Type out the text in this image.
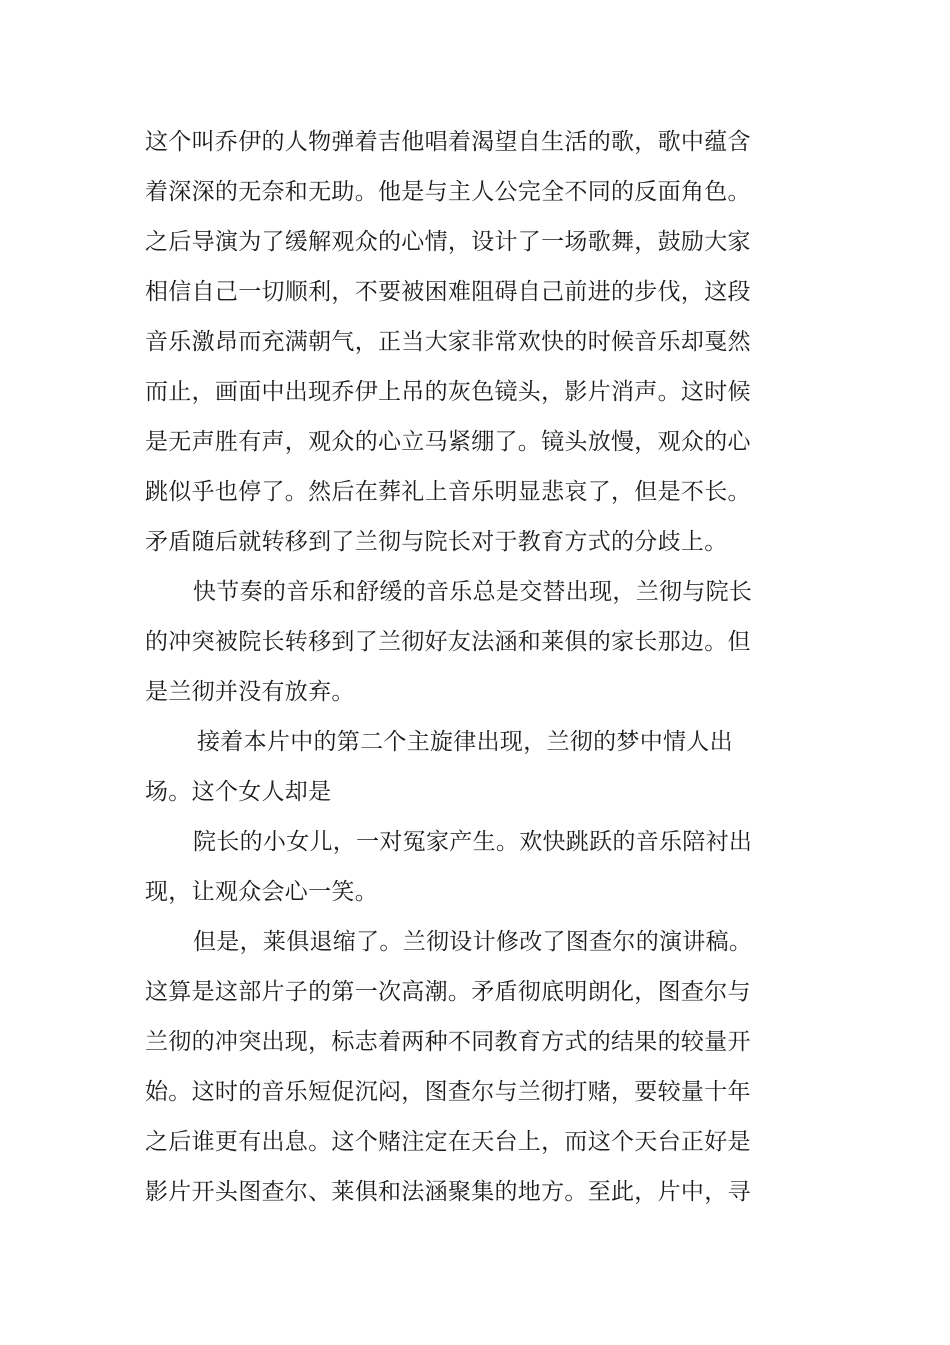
这个叫乔伊的人物弹着吉他唱着渴望自生活的歌，歌中蕴含
着深深的无奈和无助。他是与主人公完全不同的反面角色。
之后导演为了缓解观众的心情，设计了一场歌舞，鼓励大家
相信自己一切顺利，不要被困难阻碍自己前进的步伐，这段
音乐激昂而充满朝气，正当大家非常欢快的时候音乐却戛然
而止，画面中出现乔伊上吊的灰色镜头，影片消声。这时候
是无声胜有声，观众的心立马紧绷了。镜头放慢，观众的心
跳似乎也停了。然后在葬礼上音乐明显悲哀了，但是不长。
矛盾随后就转移到了兰彻与院长对于教育方式的分歧上。
快节奏的音乐和舒缓的音乐总是交替出现，兰彻与院长
的冲突被院长转移到了兰彻好友法涵和莱俱的家长那边。但
是兰彻并没有放弃。
接着本片中的第二个主旋律出现，兰彻的梦中情人出
场。这个女人却是
院长的小女儿，一对冤家产生。欢快跳跃的音乐陪衬出
现，让观众会心一笑。
但是，莱俱退缩了。兰彻设计修改了图查尔的演讲稿。
这算是这部片子的第一次高潮。矛盾彻底明朗化，图查尔与
兰彻的冲突出现，标志着两种不同教育方式的结果的较量开
始。这时的音乐短促沉闷，图查尔与兰彻打赌，要较量十年
之后谁更有出息。这个赌注定在天台上，而这个天台正好是
影片开头图查尔、莱俱和法涵聚集的地方。至此，片中，寻
